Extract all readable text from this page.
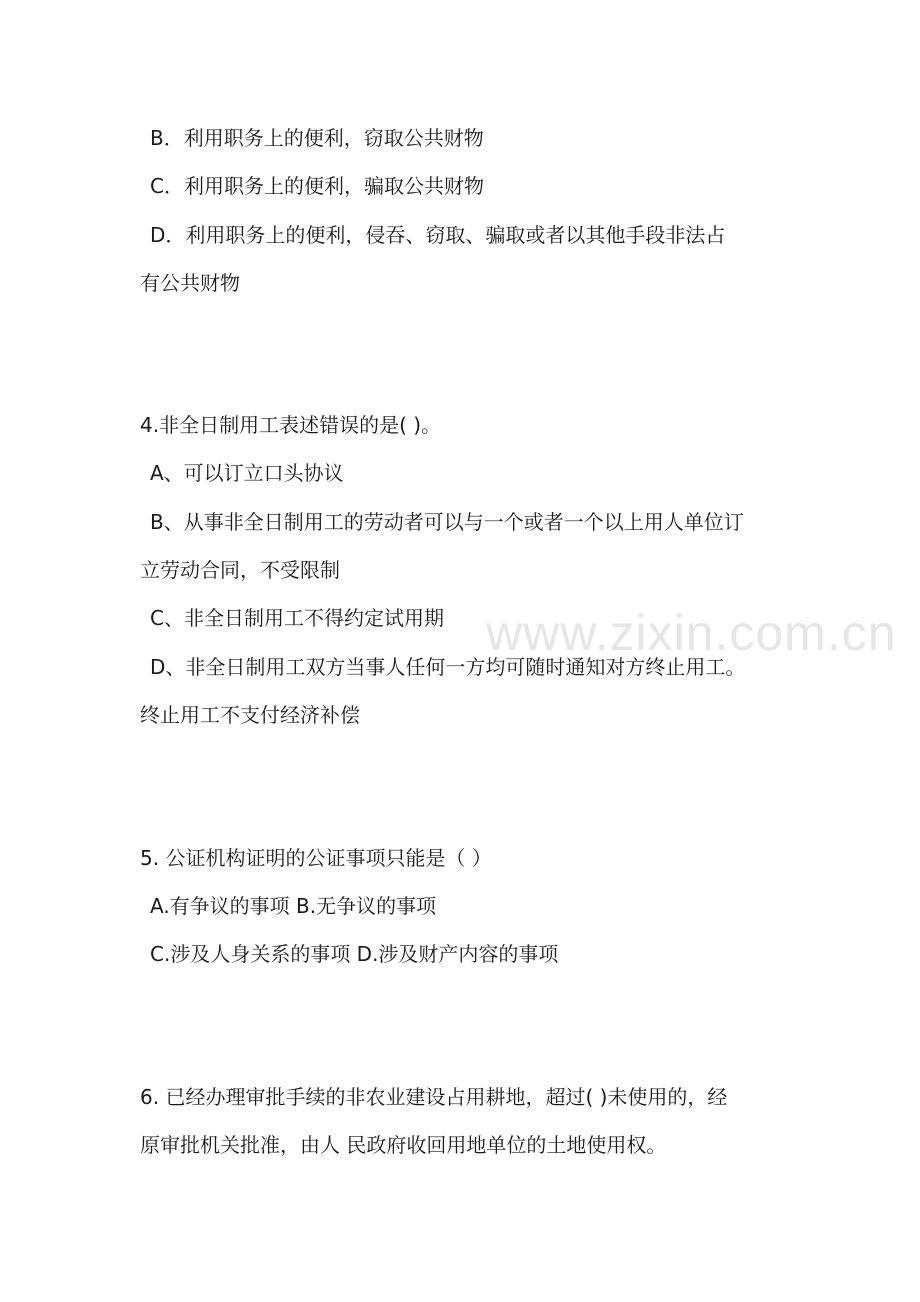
www.zixin.com.cn
B．利用职务上的便利，窃取公共财物
C．利用职务上的便利，骗取公共财物
D．利用职务上的便利，侵吞、窃取、骗取或者以其他手段非法占
有公共财物
4.非全日制用工表述错误的是( )。
A、可以订立口头协议
B、从事非全日制用工的劳动者可以与一个或者一个以上用人单位订
立劳动合同，不受限制
C、非全日制用工不得约定试用期
D、非全日制用工双方当事人任何一方均可随时通知对方终止用工。
终止用工不支付经济补偿
5. 公证机构证明的公证事项只能是（ ）
A.有争议的事项 B.无争议的事项
C.涉及人身关系的事项 D.涉及财产内容的事项
6. 已经办理审批手续的非农业建设占用耕地，超过( )未使用的，经
原审批机关批准，由人 民政府收回用地单位的土地使用权。
